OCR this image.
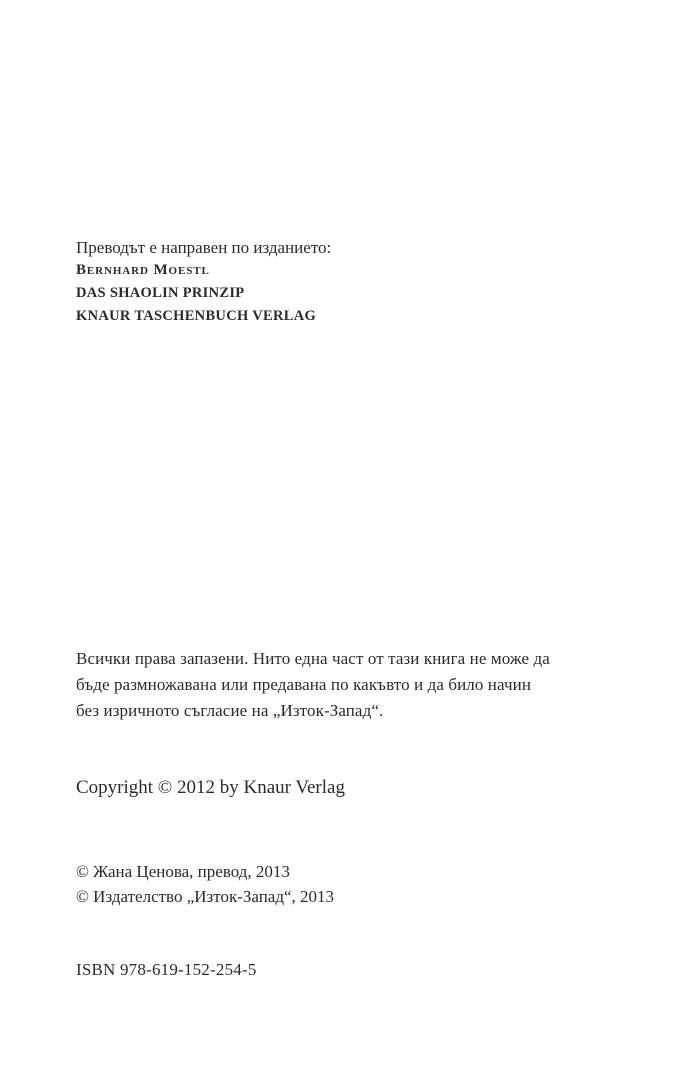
Преводът е направен по изданието:
Bernhard Moestl
DAS SHAOLIN PRINZIP
KNAUR TASCHENBUCH VERLAG
Всички права запазени. Нито една част от тази книга не може да
бъде размножавана или предавана по какъвто и да било начин
без изричното съгласие на „Изток-Запад“.
Copyright © 2012 by Knaur Verlag
© Жана Ценова, превод, 2013
© Издателство „Изток-Запад“, 2013
ISBN 978-619-152-254-5
